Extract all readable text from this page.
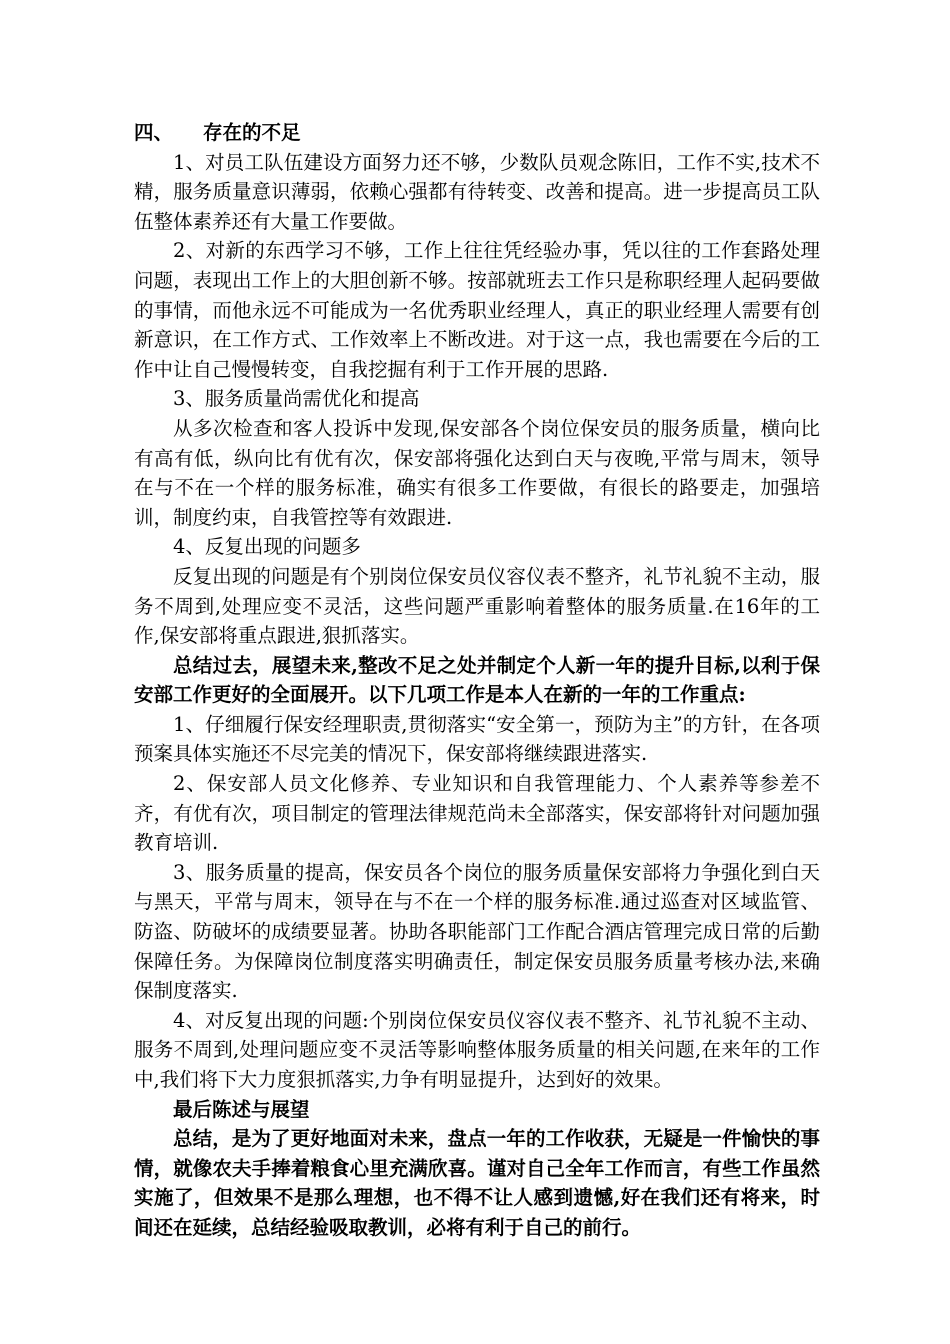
四、 存在的不足

1、对员工队伍建设方面努力还不够，少数队员观念陈旧，工作不实,技术不精，服务质量意识薄弱，依赖心强都有待转变、改善和提高。进一步提高员工队伍整体素养还有大量工作要做。

2、对新的东西学习不够，工作上往往凭经验办事，凭以往的工作套路处理问题，表现出工作上的大胆创新不够。按部就班去工作只是称职经理人起码要做的事情，而他永远不可能成为一名优秀职业经理人，真正的职业经理人需要有创新意识，在工作方式、工作效率上不断改进。对于这一点，我也需要在今后的工作中让自己慢慢转变，自我挖掘有利于工作开展的思路.

3、服务质量尚需优化和提高

从多次检查和客人投诉中发现,保安部各个岗位保安员的服务质量，横向比有高有低，纵向比有优有次，保安部将强化达到白天与夜晚,平常与周末，领导在与不在一个样的服务标准，确实有很多工作要做，有很长的路要走，加强培训，制度约束，自我管控等有效跟进.

4、反复出现的问题多

反复出现的问题是有个别岗位保安员仪容仪表不整齐，礼节礼貌不主动，服务不周到,处理应变不灵活，这些问题严重影响着整体的服务质量.在16年的工作,保安部将重点跟进,狠抓落实。

总结过去，展望未来,整改不足之处并制定个人新一年的提升目标,以利于保安部工作更好的全面展开。以下几项工作是本人在新的一年的工作重点:

1、仔细履行保安经理职责,贯彻落实“安全第一，预防为主”的方针，在各项预案具体实施还不尽完美的情况下，保安部将继续跟进落实.

2、保安部人员文化修养、专业知识和自我管理能力、个人素养等参差不齐，有优有次，项目制定的管理法律规范尚未全部落实，保安部将针对问题加强教育培训.

3、服务质量的提高，保安员各个岗位的服务质量保安部将力争强化到白天与黑天，平常与周末，领导在与不在一个样的服务标准.通过巡查对区域监管、防盗、防破坏的成绩要显著。协助各职能部门工作配合酒店管理完成日常的后勤保障任务。为保障岗位制度落实明确责任，制定保安员服务质量考核办法,来确保制度落实.

4、对反复出现的问题:个别岗位保安员仪容仪表不整齐、礼节礼貌不主动、服务不周到,处理问题应变不灵活等影响整体服务质量的相关问题,在来年的工作中,我们将下大力度狠抓落实,力争有明显提升，达到好的效果。

最后陈述与展望

总结，是为了更好地面对未来，盘点一年的工作收获，无疑是一件愉快的事情，就像农夫手捧着粮食心里充满欣喜。谨对自己全年工作而言，有些工作虽然实施了，但效果不是那么理想，也不得不让人感到遗憾,好在我们还有将来，时间还在延续，总结经验吸取教训，必将有利于自己的前行。
